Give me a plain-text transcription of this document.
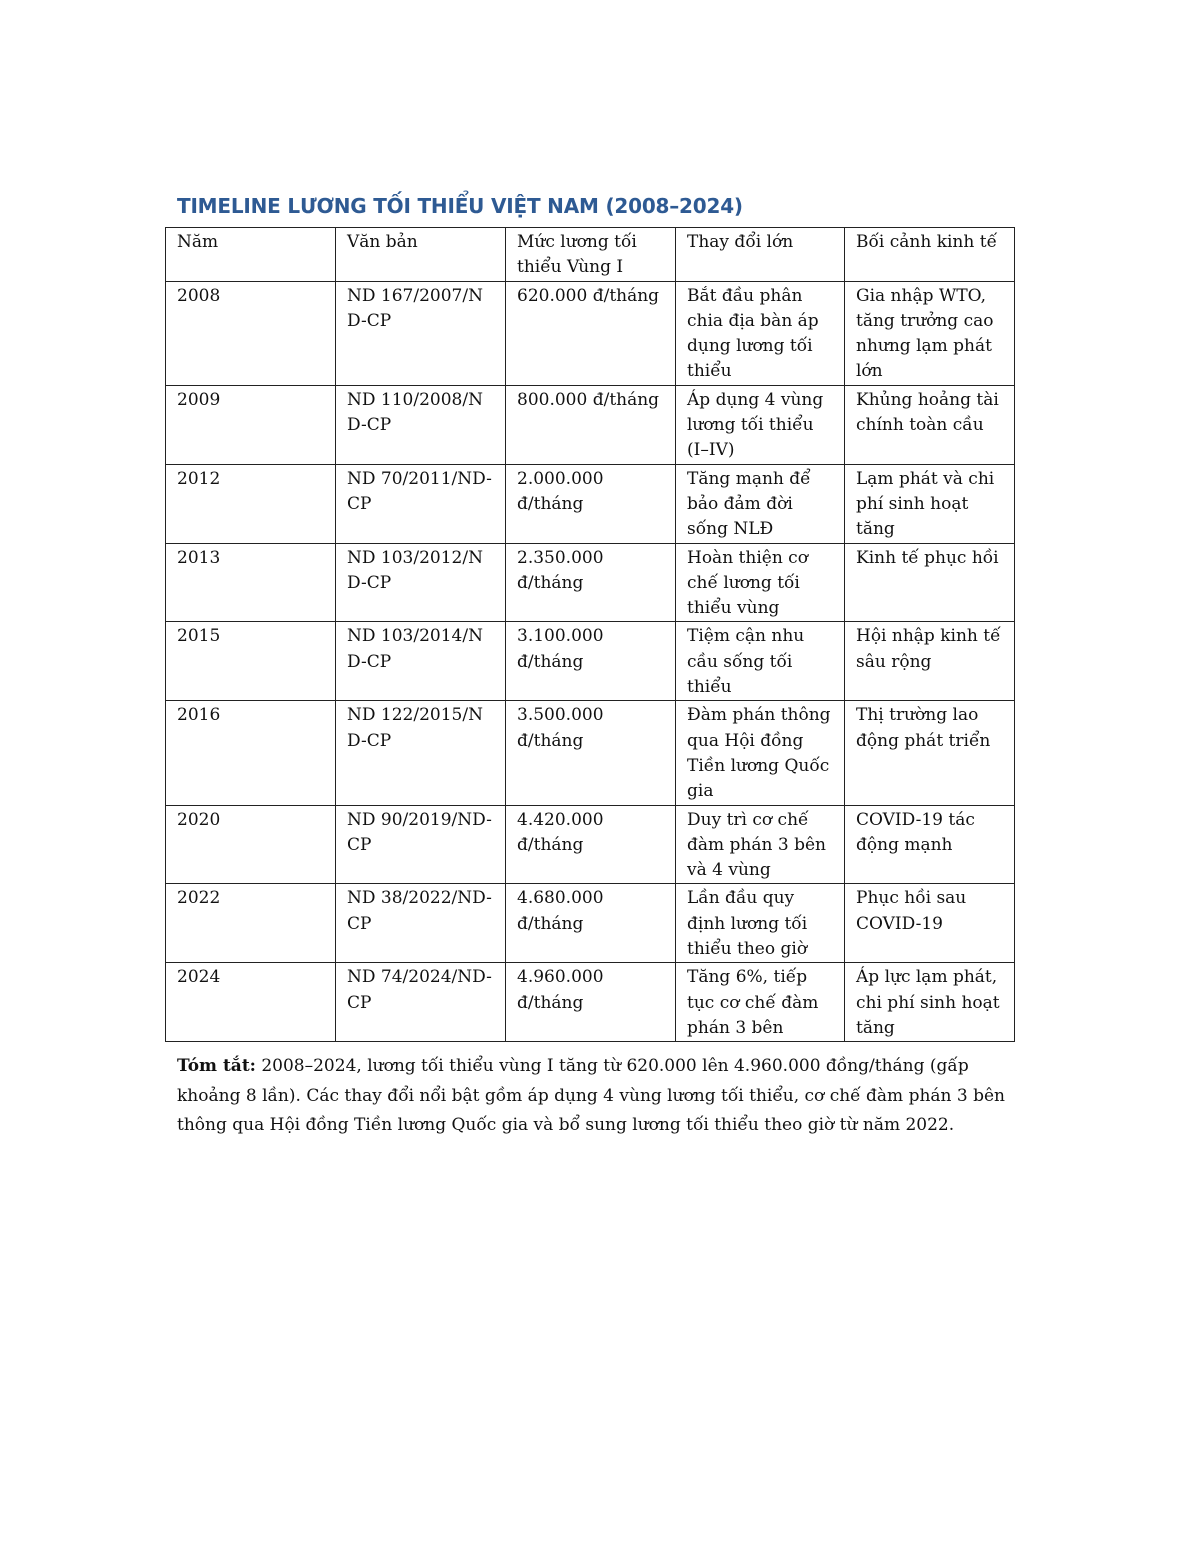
TIMELINE LƯƠNG TỐI THIỂU VIỆT NAM (2008–2024)
Năm	Văn bản	Mức lương tối thiểu Vùng I	Thay đổi lớn	Bối cảnh kinh tế
2008	ND 167/2007/ND-CP	620.000 đ/tháng	Bắt đầu phân chia địa bàn áp dụng lương tối thiểu	Gia nhập WTO, tăng trưởng cao nhưng lạm phát lớn
2009	ND 110/2008/ND-CP	800.000 đ/tháng	Áp dụng 4 vùng lương tối thiểu (I–IV)	Khủng hoảng tài chính toàn cầu
2012	ND 70/2011/ND-CP	2.000.000 đ/tháng	Tăng mạnh để bảo đảm đời sống NLĐ	Lạm phát và chi phí sinh hoạt tăng
2013	ND 103/2012/ND-CP	2.350.000 đ/tháng	Hoàn thiện cơ chế lương tối thiểu vùng	Kinh tế phục hồi
2015	ND 103/2014/ND-CP	3.100.000 đ/tháng	Tiệm cận nhu cầu sống tối thiểu	Hội nhập kinh tế sâu rộng
2016	ND 122/2015/ND-CP	3.500.000 đ/tháng	Đàm phán thông qua Hội đồng Tiền lương Quốc gia	Thị trường lao động phát triển
2020	ND 90/2019/ND-CP	4.420.000 đ/tháng	Duy trì cơ chế đàm phán 3 bên và 4 vùng	COVID-19 tác động mạnh
2022	ND 38/2022/ND-CP	4.680.000 đ/tháng	Lần đầu quy định lương tối thiểu theo giờ	Phục hồi sau COVID-19
2024	ND 74/2024/ND-CP	4.960.000 đ/tháng	Tăng 6%, tiếp tục cơ chế đàm phán 3 bên	Áp lực lạm phát, chi phí sinh hoạt tăng

Tóm tắt: 2008–2024, lương tối thiểu vùng I tăng từ 620.000 lên 4.960.000 đồng/tháng (gấp khoảng 8 lần). Các thay đổi nổi bật gồm áp dụng 4 vùng lương tối thiểu, cơ chế đàm phán 3 bên thông qua Hội đồng Tiền lương Quốc gia và bổ sung lương tối thiểu theo giờ từ năm 2022.
